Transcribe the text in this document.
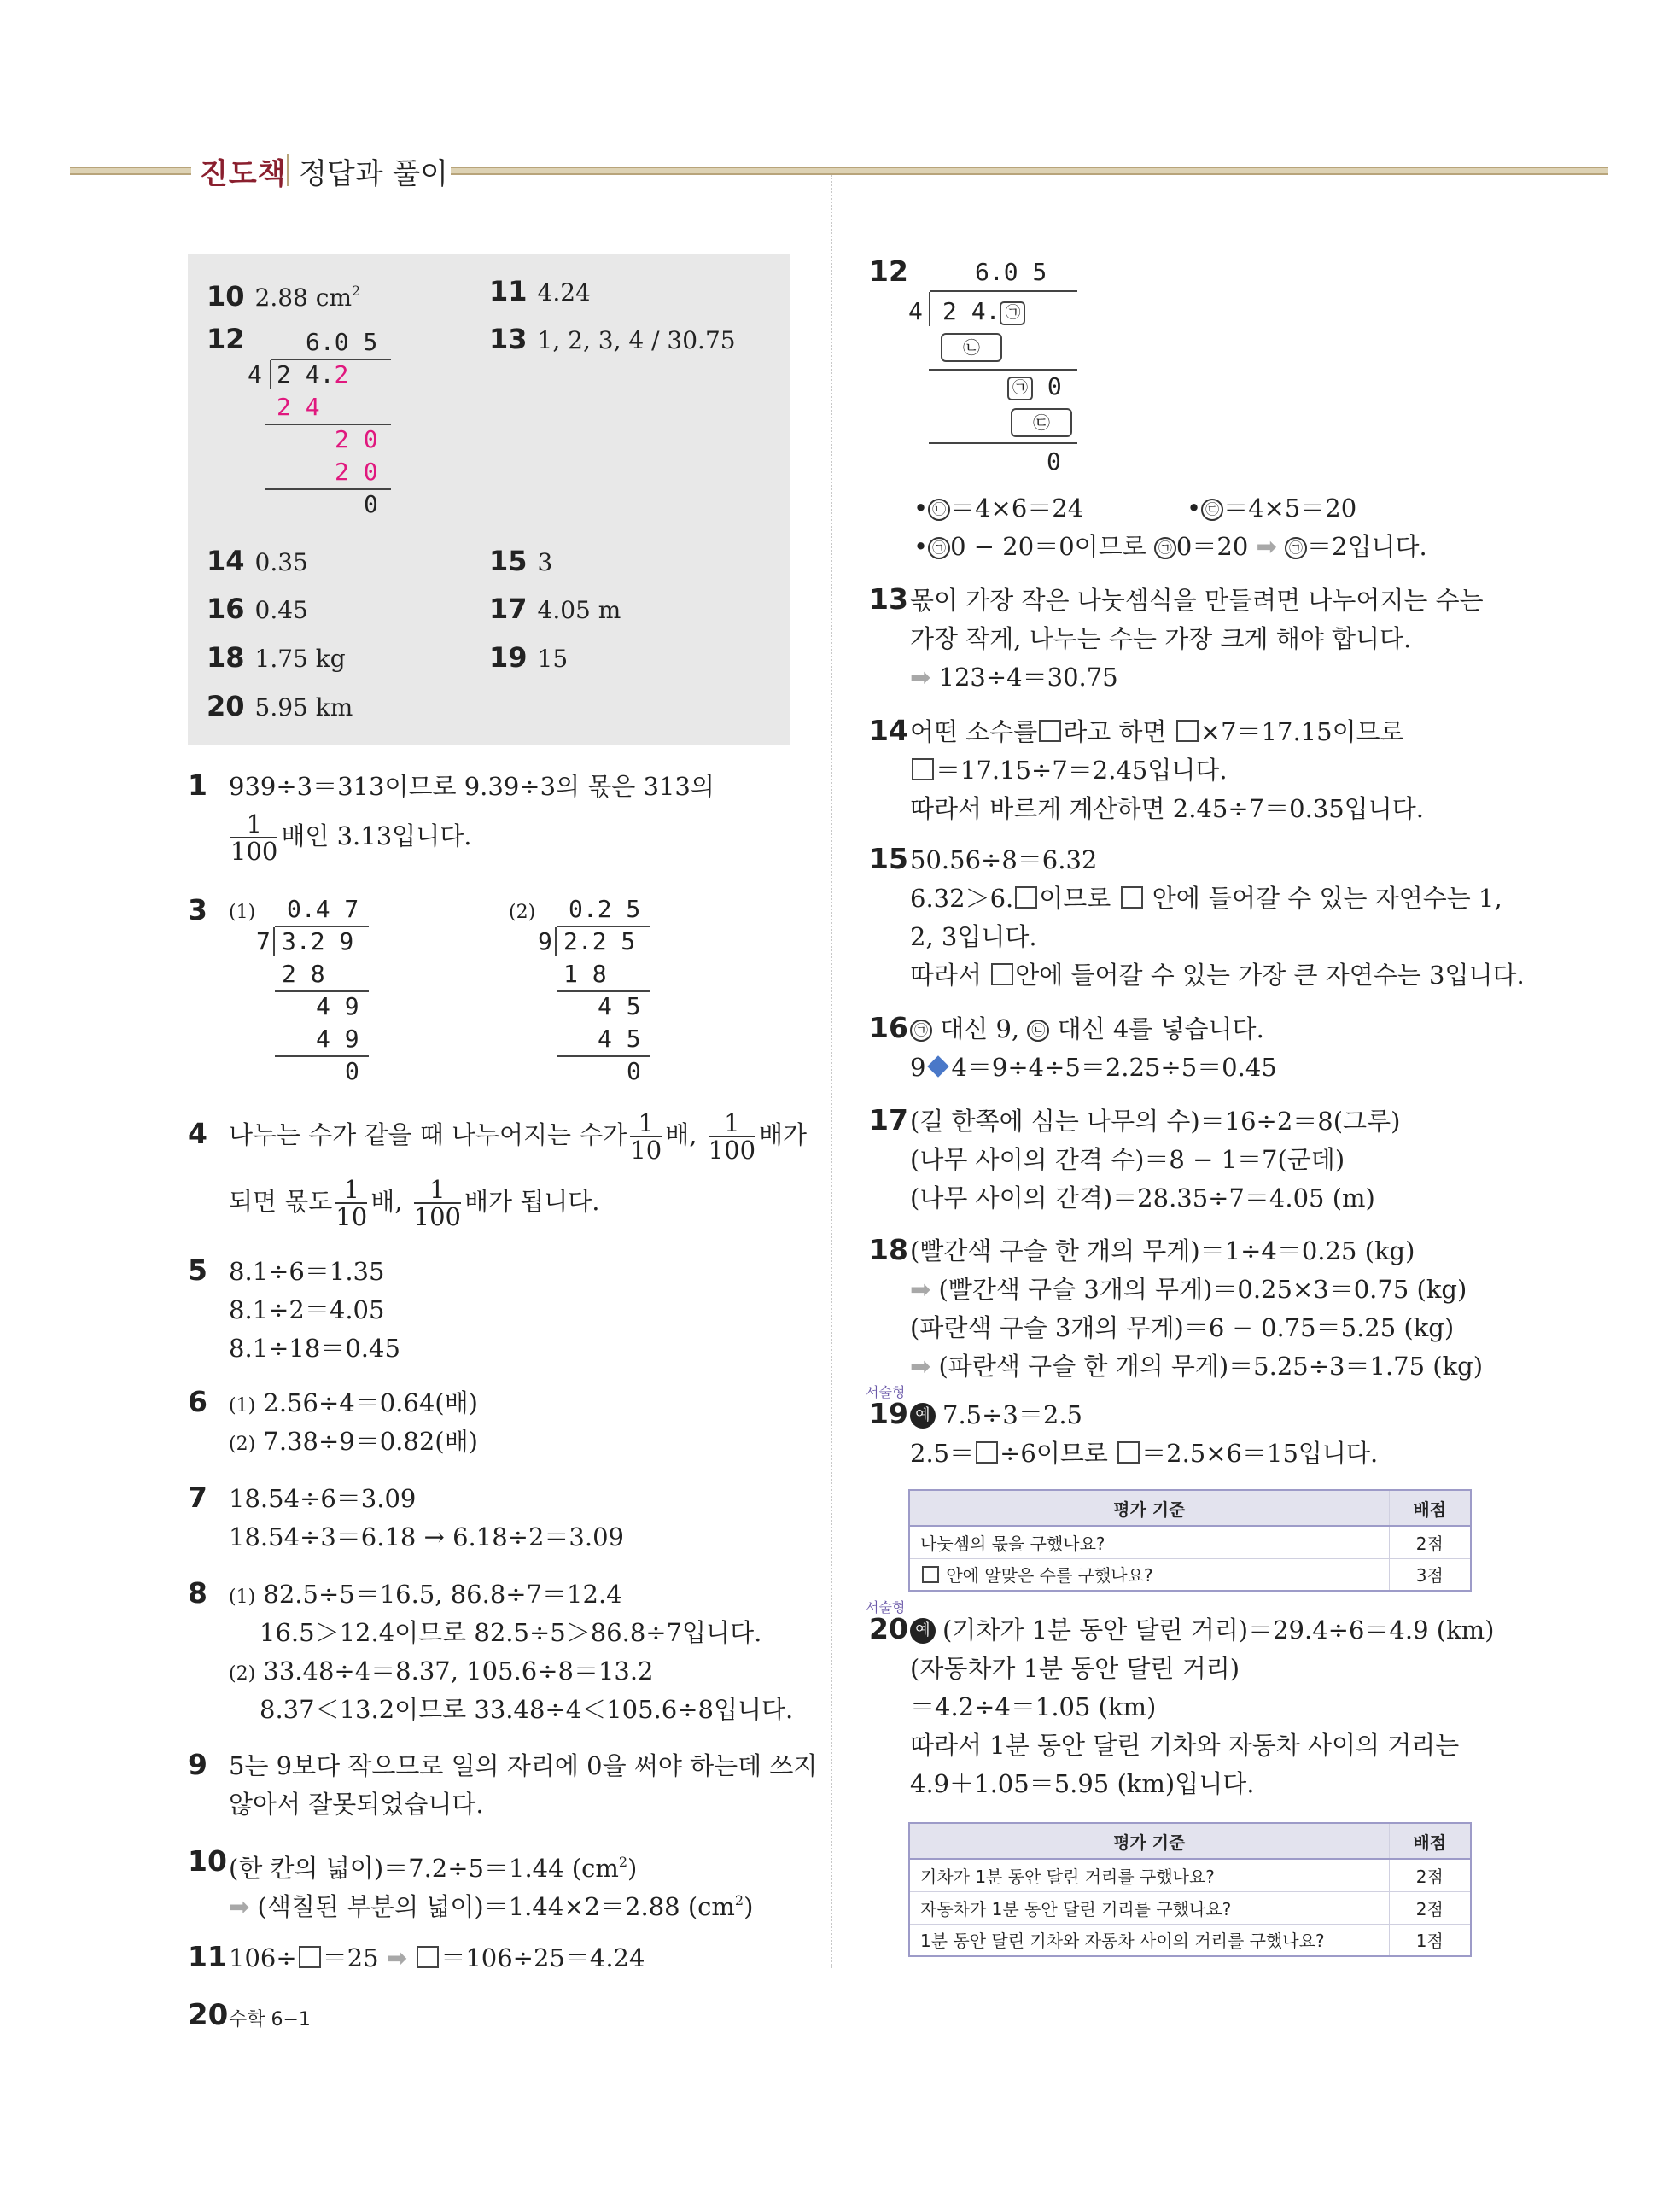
진도책 정답과 풀이
10 2.88 $cm^2$	11 4.24
12	13 1, 2, 3, 4 / 30.75
6.0 5
4 2 4.2
2 4
2 0
2 0
0
14 0.35	15 3
16 0.45	17 4.05 m
18 1.75 kg	19 15
20 5.95 km
1 939÷3＝313이므로 9.39÷3의 몫은 313의
$\frac{1}{100}$ 배인 3.13입니다.
3 (1)	(2)
0.4 7
7 3.2 9
2 8
4 9
4 9
0
0.2 5
9 2.2 5
1 8
4 5
4 5
0
4 나누는 수가 같을 때 나누어지는 수가 $\frac{1}{10}$ 배, $\frac{1}{100}$ 배가
되면 몫도 $\frac{1}{10}$ 배, $\frac{1}{100}$ 배가 됩니다.
5 8.1÷6＝1.35
8.1÷2＝4.05
8.1÷18＝0.45
6 (1) 2.56÷4＝0.64(배)
(2) 7.38÷9＝0.82(배)
7 18.54÷6＝3.09
18.54÷3＝6.18 → 6.18÷2＝3.09
8 (1) 82.5÷5＝16.5, 86.8÷7＝12.4
16.5＞12.4이므로 82.5÷5＞86.8÷7입니다.
(2) 33.48÷4＝8.37, 105.6÷8＝13.2
8.37＜13.2이므로 33.48÷4＜105.6÷8입니다.
9 5는 9보다 작으므로 일의 자리에 0을 써야 하는데 쓰지
않아서 잘못되었습니다.
10 (한 칸의 넓이)＝7.2÷5＝1.44 $(cm^2)$
➡ (색칠된 부분의 넓이)＝1.44×2＝2.88 $(cm^2)$
11 106÷ ＝25 ➡ ＝106÷25＝4.24
12	6.0 5
4 2 4. ㉠
㉡
㉠ 0
㉢
0
• ㉡ ＝4×6＝24	• ㉢ ＝4×5＝20
• ㉠ 0 − 20＝0이므로 ㉠ 0＝20 ➡ ㉠ ＝2입니다.
13 몫이 가장 작은 나눗셈식을 만들려면 나누어지는 수는
가장 작게, 나누는 수는 가장 크게 해야 합니다.
➡ 123÷4＝30.75
14 어떤 소수를 라고 하면 ×7＝17.15이므로
＝17.15÷7＝2.45입니다.
따라서 바르게 계산하면 2.45÷7＝0.35입니다.
15 50.56÷8＝6.32
6.32＞6. 이므로 안에 들어갈 수 있는 자연수는 1,
2, 3입니다.
따라서 안에 들어갈 수 있는 가장 큰 자연수는 3입니다.
16 ㉠ 대신 9, ㉡ 대신 4를 넣습니다.
9 4＝9÷4÷5＝2.25÷5＝0.45
17 (길 한쪽에 심는 나무의 수)＝16÷2＝8(그루)
(나무 사이의 간격 수)＝8 − 1＝7(군데)
(나무 사이의 간격)＝28.35÷7＝4.05 (m)
18 (빨간색 구슬 한 개의 무게)＝1÷4＝0.25 (kg)
➡ (빨간색 구슬 3개의 무게)＝0.25×3＝0.75 (kg)
(파란색 구슬 3개의 무게)＝6 − 0.75＝5.25 (kg)
➡ (파란색 구슬 한 개의 무게)＝5.25÷3＝1.75 (kg)
서술형
19 예 7.5÷3＝2.5
2.5＝ ÷6이므로 ＝2.5×6＝15입니다.
평가 기준	배점
나눗셈의 몫을 구했나요?	2점
안에 알맞은 수를 구했나요?	3점
서술형
20 예 (기차가 1분 동안 달린 거리)＝29.4÷6＝4.9 (km)
(자동차가 1분 동안 달린 거리)
＝4.2÷4＝1.05 (km)
따라서 1분 동안 달린 기차와 자동차 사이의 거리는
4.9＋1.05＝5.95 (km)입니다.
평가 기준	배점
기차가 1분 동안 달린 거리를 구했나요?	2점
자동차가 1분 동안 달린 거리를 구했나요?	2점
1분 동안 달린 기차와 자동차 사이의 거리를 구했나요?	1점
20 수학 6−1
